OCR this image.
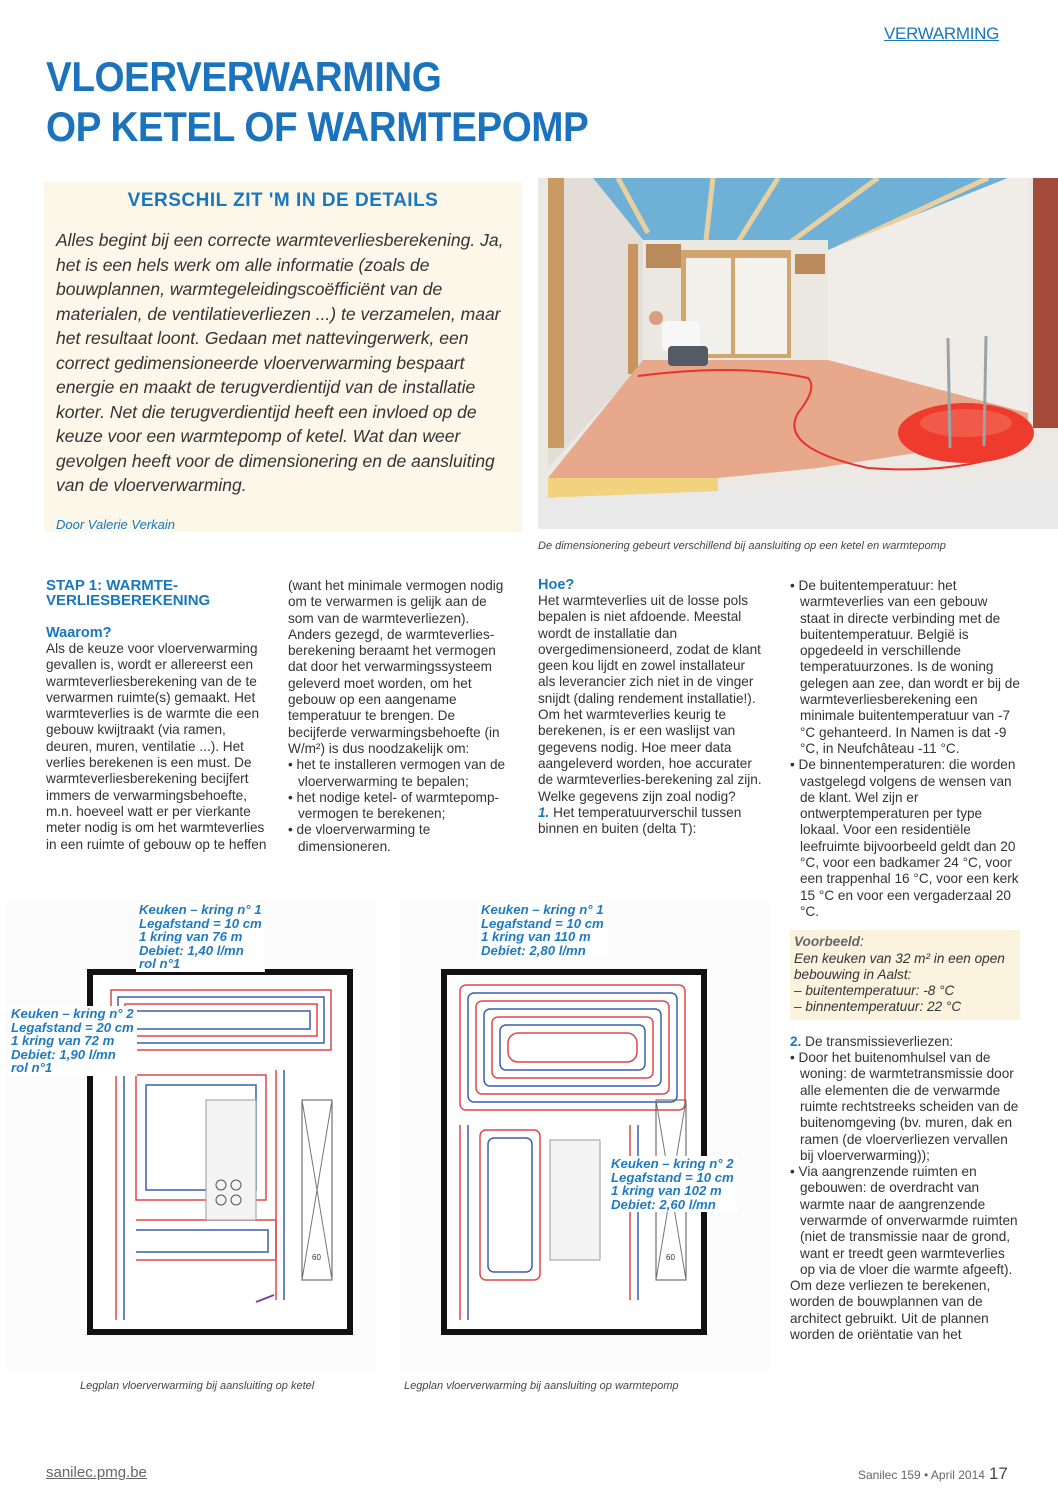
VERWARMING
VLOERVERWARMING
OP KETEL OF WARMTEPOMP
VERSCHIL ZIT 'M IN DE DETAILS
Alles begint bij een correcte warmteverliesberekening. Ja, het is een hels werk om alle informatie (zoals de bouwplannen, warmtegeleidingscoëfficiënt van de materialen, de ventilatieverliezen ...) te verzamelen, maar het resultaat loont. Gedaan met nattevingerwerk, een correct gedimensioneerde vloerverwarming bespaart energie en maakt de terugverdientijd van de installatie korter. Net die terugverdientijd heeft een invloed op de keuze voor een warmtepomp of ketel. Wat dan weer gevolgen heeft voor de dimensionering en de aansluiting van de vloerverwarming.
Door Valerie Verkain
De dimensionering gebeurt verschillend bij aansluiting op een ketel en warmtepomp
STAP 1: WARMTE-
VERLIESBEREKENING
Waarom?

Als de keuze voor vloerverwarming gevallen is, wordt er allereerst een warmteverliesberekening van de te verwarmen ruimte(s) gemaakt. Het warmteverlies is de warmte die een gebouw kwijtraakt (via ramen, deuren, muren, ventilatie ...). Het verlies berekenen is een must. De warmteverliesberekening becijfert immers de verwarmingsbehoefte, m.n. hoeveel watt er per vierkante meter nodig is om het warmteverlies in een ruimte of gebouw op te heffen

(want het minimale vermogen nodig om te verwarmen is gelijk aan de som van de warmteverliezen). Anders gezegd, de warmteverlies-berekening beraamt het vermogen dat door het verwarmingssysteem geleverd moet worden, om het gebouw op een aangename temperatuur te brengen. De becijferde verwarmingsbehoefte (in W/m²) is dus noodzakelijk om:

• het te installeren vermogen van de vloerverwarming te bepalen;

• het nodige ketel- of warmtepomp-vermogen te berekenen;

• de vloerverwarming te dimensioneren.

Hoe?

Het warmteverlies uit de losse pols bepalen is niet afdoende. Meestal wordt de installatie dan overgedimensioneerd, zodat de klant geen kou lijdt en zowel installateur als leverancier zich niet in de vinger snijdt (daling rendement installatie!). Om het warmteverlies keurig te berekenen, is er een waslijst van gegevens nodig. Hoe meer data aangeleverd worden, hoe accurater de warmteverlies-berekening zal zijn. Welke gegevens zijn zoal nodig?

1. Het temperatuurverschil tussen binnen en buiten (delta T):

• De buitentemperatuur: het warmteverlies van een gebouw staat in directe verbinding met de buitentemperatuur. België is opgedeeld in verschillende temperatuurzones. Is de woning gelegen aan zee, dan wordt er bij de warmteverliesberekening een minimale buitentemperatuur van -7 °C gehanteerd. In Namen is dat -9 °C, in Neufchâteau -11 °C.

• De binnentemperaturen: die worden vastgelegd volgens de wensen van de klant. Wel zijn er ontwerptemperaturen per type lokaal. Voor een residentiële leefruimte bijvoorbeeld geldt dan 20 °C, voor een badkamer 24 °C, voor een trappenhal 16 °C, voor een kerk 15 °C en voor een vergaderzaal 20 °C.

Voorbeeld:
Een keuken van 32 m² in een open bebouwing in Aalst:
– buitentemperatuur: -8 °C
– binnentemperatuur: 22 °C

2. De transmissieverliezen:

• Door het buitenomhulsel van de woning: de warmtetransmissie door alle elementen die de verwarmde ruimte rechtstreeks scheiden van de buitenomgeving (bv. muren, dak en ramen (de vloerverliezen vervallen bij vloerverwarming));

• Via aangrenzende ruimten en gebouwen: de overdracht van warmte naar de aangrenzende verwarmde of onverwarmde ruimten (niet de transmissie naar de grond, want er treedt geen warmteverlies op via de vloer die warmte afgeeft).

Om deze verliezen te berekenen, worden de bouwplannen van de architect gebruikt. Uit de plannen worden de oriëntatie van het

60
Keuken – kring n° 1
Legafstand = 10 cm
1 kring van 76 m
Debiet: 1,40 l/mn
rol n°1
Keuken – kring n° 2
Legafstand = 20 cm
1 kring van 72 m
Debiet: 1,90 l/mn
rol n°1
Legplan vloerverwarming bij aansluiting op ketel
60
Keuken – kring n° 1
Legafstand = 10 cm
1 kring van 110 m
Debiet: 2,80 l/mn
Keuken – kring n° 2
Legafstand = 10 cm
1 kring van 102 m
Debiet: 2,60 l/mn
Legplan vloerverwarming bij aansluiting op warmtepomp
sanilec.pmg.be	Sanilec 159 • April 2014 17
